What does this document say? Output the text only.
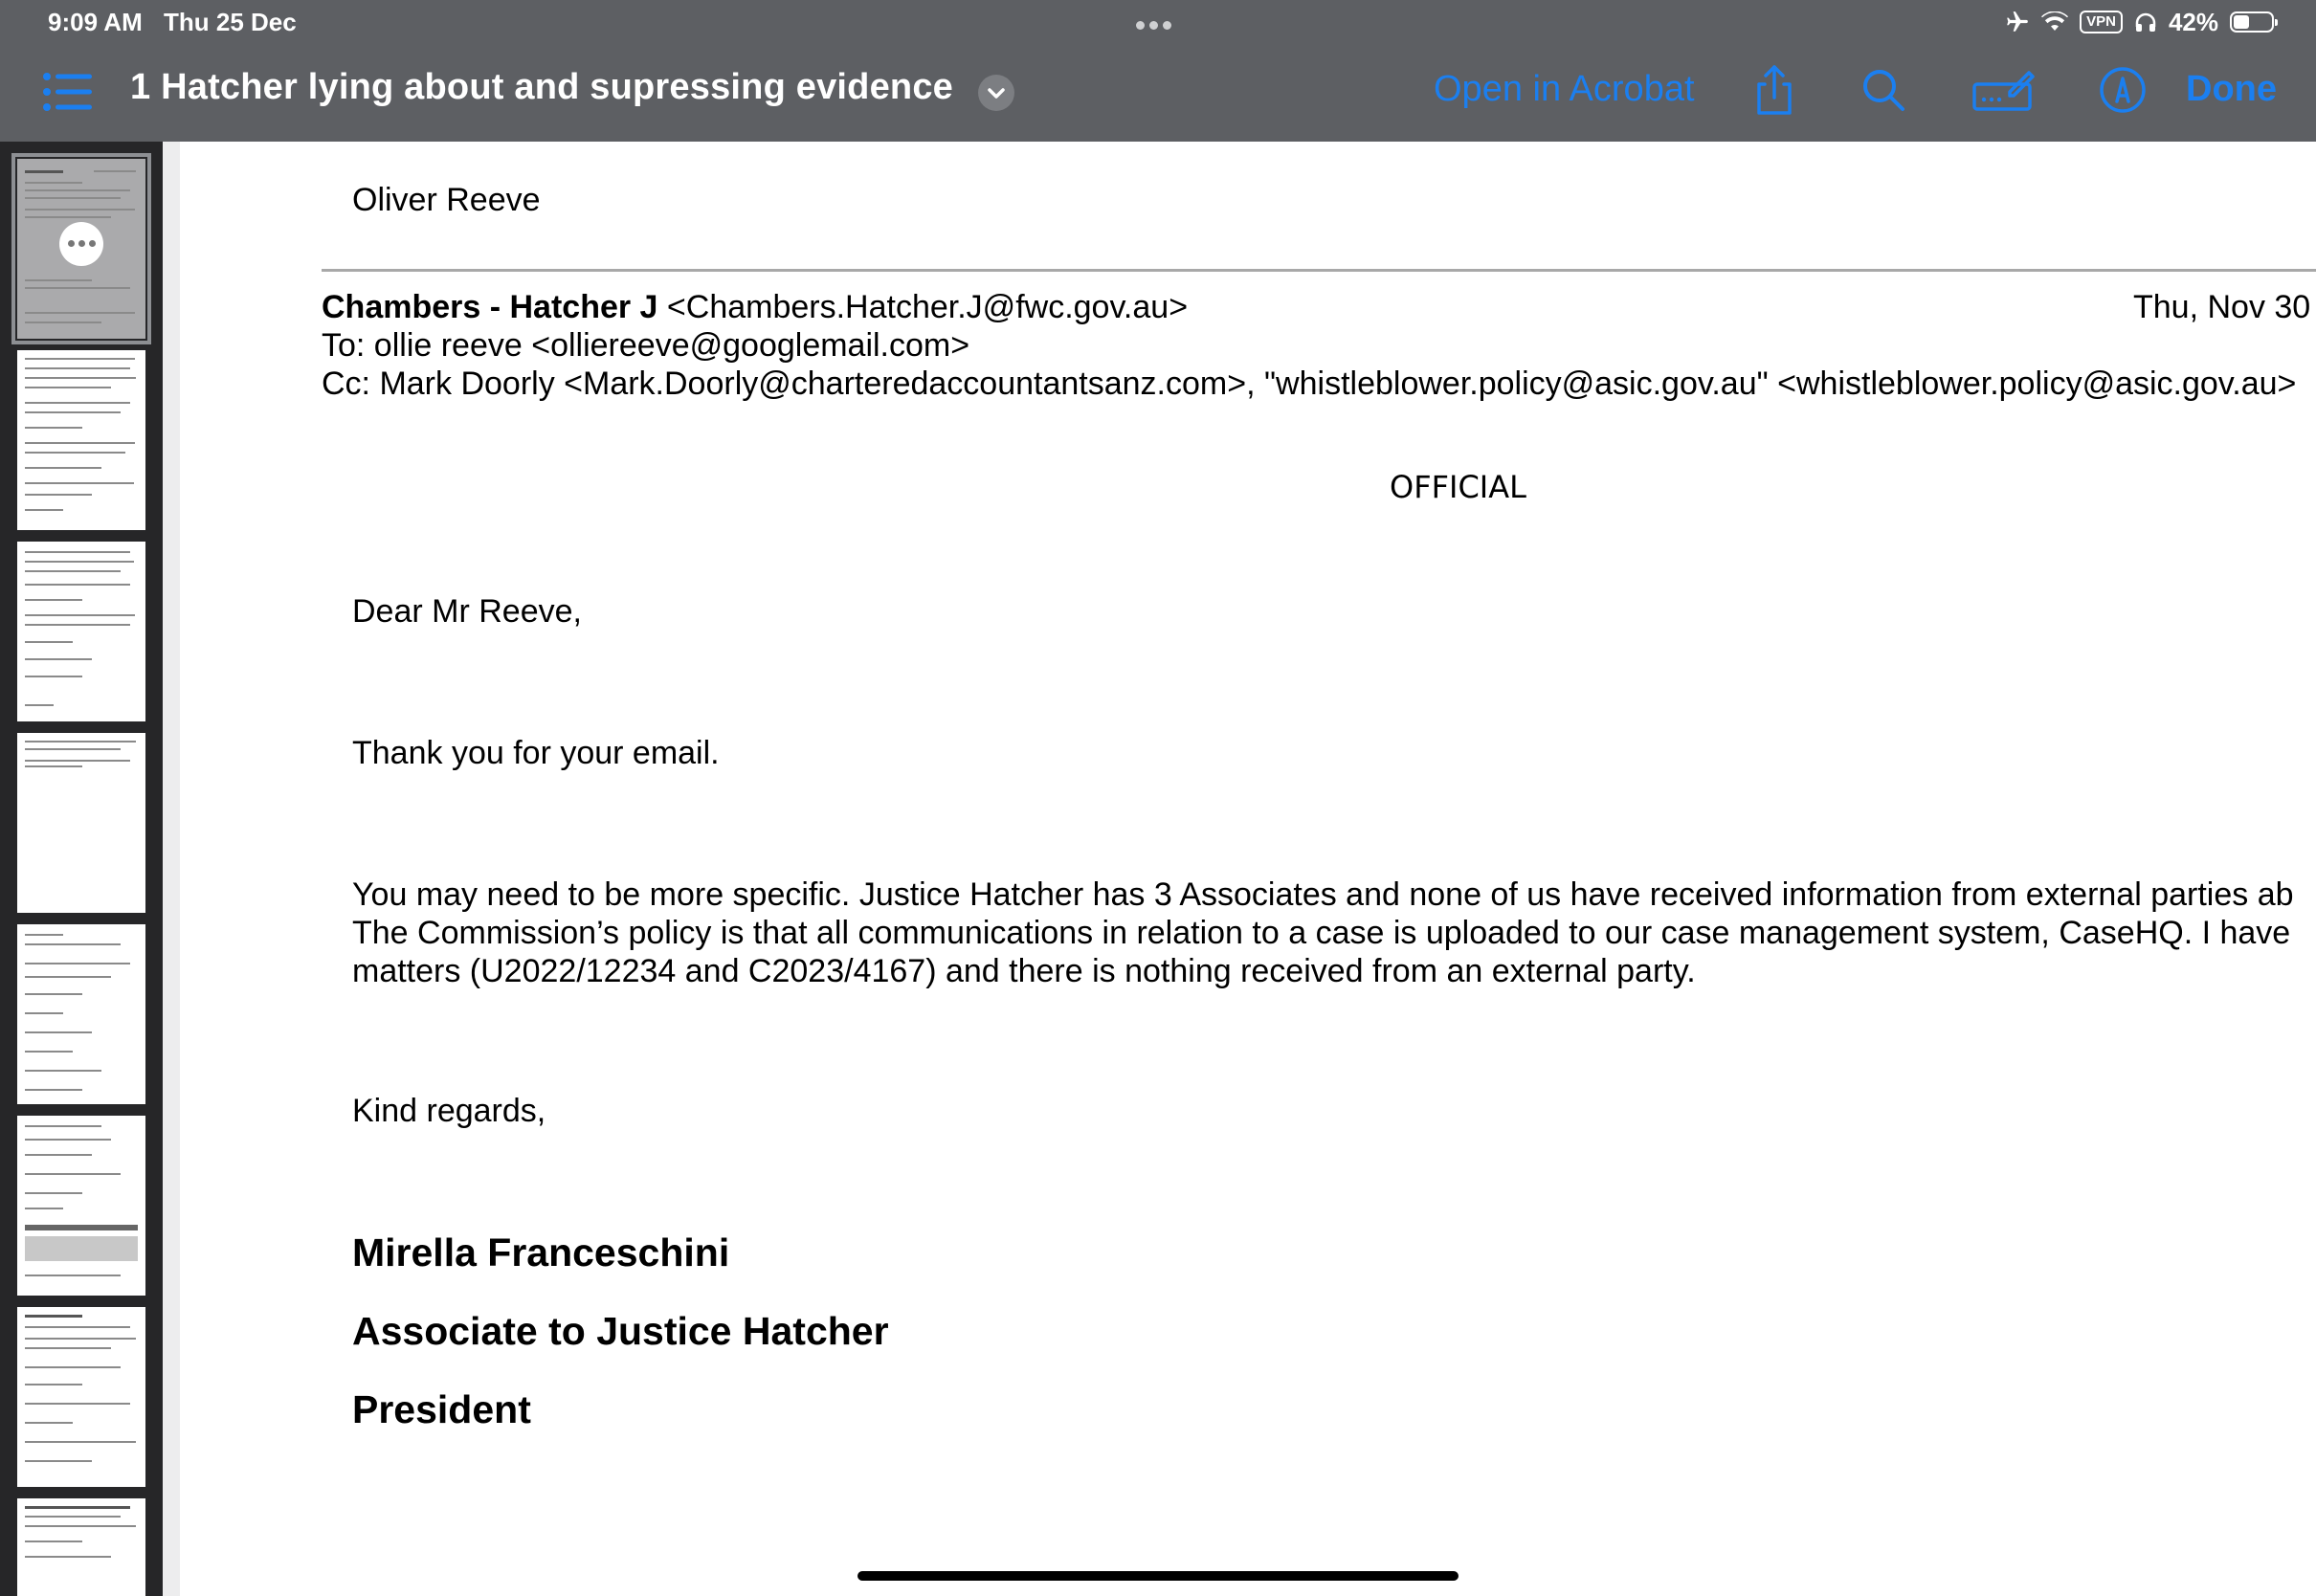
9:09 AM Thu 25 Dec	VPN 42%
1 Hatcher lying about and supressing evidence	Open in Acrobat	Done
Oliver Reeve
Chambers - Hatcher J <Chambers.Hatcher.J@fwc.gov.au>	Thu, Nov 30
To: ollie reeve <olliereeve@googlemail.com>
Cc: Mark Doorly <Mark.Doorly@charteredaccountantsanz.com>, "whistleblower.policy@asic.gov.au" <whistleblower.policy@asic.gov.au>
OFFICIAL
Dear Mr Reeve,
Thank you for your email.
You may need to be more specific. Justice Hatcher has 3 Associates and none of us have received information from external parties ab
The Commission’s policy is that all communications in relation to a case is uploaded to our case management system, CaseHQ. I have
matters (U2022/12234 and C2023/4167) and there is nothing received from an external party.
Kind regards,
Mirella Franceschini
Associate to Justice Hatcher
President
